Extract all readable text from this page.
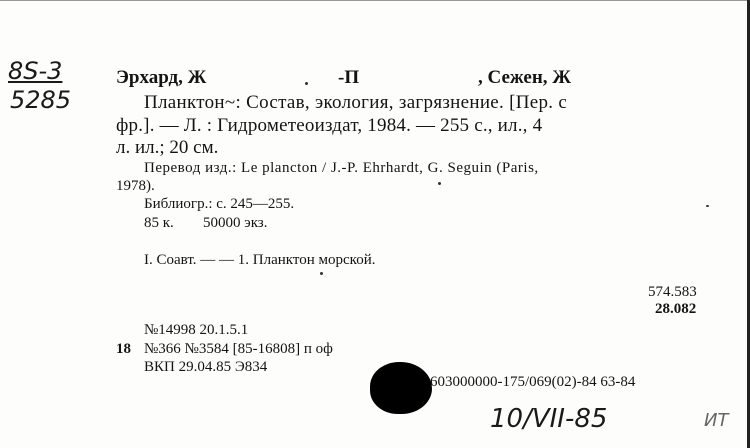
8S-3
5285
Эрхард, Ж	-П	, Сежен, Ж
Планктон~: Состав, экология, загрязнение. [Пер. с
фр.]. — Л. : Гидрометеоиздат, 1984. — 255 с., ил., 4
л. ил.; 20 см.
Перевод изд.: Le plancton / J.-P. Ehrhardt, G. Seguin (Paris,
1978).
Библиогр.: с. 245—255.
85 к. 50000 экз.
I. Соавт. — — 1. Планктон морской.
574.583
28.082
№14998 20.1.5.1
18 №366 №3584 [85-16808] п оф
ВКП 29.04.85 Э834
603000000-175/069(02)-84 63-84
10/VII-85	ИТ
